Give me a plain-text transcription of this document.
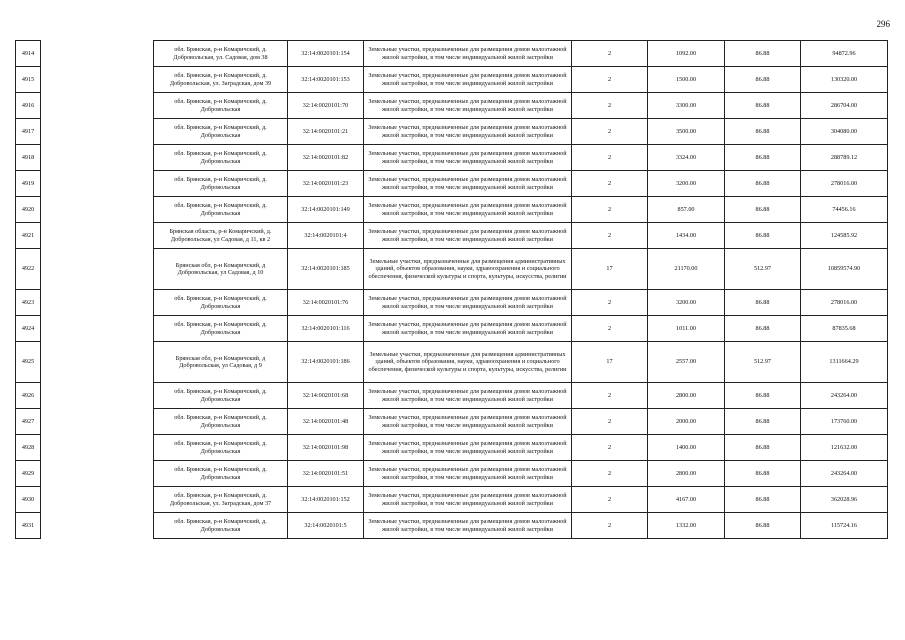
296
4914		обл. Брянская, р-н Комаричский, д. Добровольская, ул. Садовая, дом 38	32:14:0020101:154	Земельные участки, предназначенные для размещения домов малоэтажной жилой застройки, в том числе индивидуальной жилой застройки	2	1092.00	86.88	94872.96
4915		обл. Брянская, р-н Комаричский, д. Добровольская, ул. Заградская, дом 39	32:14:0020101:153	Земельные участки, предназначенные для размещения домов малоэтажной жилой застройки, в том числе индивидуальной жилой застройки	2	1500.00	86.88	130320.00
4916		обл. Брянская, р-н Комаричский, д. Добровольская	32:14:0020101:70	Земельные участки, предназначенные для размещения домов малоэтажной жилой застройки, в том числе индивидуальной жилой застройки	2	3300.00	86.88	286704.00
4917		обл. Брянская, р-н Комаричский, д. Добровольская	32:14:0020101:21	Земельные участки, предназначенные для размещения домов малоэтажной жилой застройки, в том числе индивидуальной жилой застройки	2	3500.00	86.88	304080.00
4918		обл. Брянская, р-н Комаричский, д. Добровольская	32:14:0020101:82	Земельные участки, предназначенные для размещения домов малоэтажной жилой застройки, в том числе индивидуальной жилой застройки	2	3324.00	86.88	288789.12
4919		обл. Брянская, р-н Комаричский, д. Добровольская	32:14:0020101:23	Земельные участки, предназначенные для размещения домов малоэтажной жилой застройки, в том числе индивидуальной жилой застройки	2	3200.00	86.88	278016.00
4920		обл. Брянская, р-н Комаричский, д. Добровольская	32:14:0020101:149	Земельные участки, предназначенные для размещения домов малоэтажной жилой застройки, в том числе индивидуальной жилой застройки	2	857.00	86.88	74456.16
4921		Брянская область, р-н Комаричский, д. Добровольская, ул Садовая, д 11, кв 2	32:14:0020101:4	Земельные участки, предназначенные для размещения домов малоэтажной жилой застройки, в том числе индивидуальной жилой застройки	2	1434.00	86.88	124585.92
4922		Брянская обл, р-н Комаричский, д Добровольская, ул Садовая, д 10	32:14:0020101:185	Земельные участки, предназначенные для размещения административных зданий, объектов образования, науки, здравоохранения и социального обеспечения, физической культуры и спорта, культуры, искусства, религии	17	21170.00	512.97	10859574.90
4923		обл. Брянская, р-н Комаричский, д. Добровольская	32:14:0020101:76	Земельные участки, предназначенные для размещения домов малоэтажной жилой застройки, в том числе индивидуальной жилой застройки	2	3200.00	86.88	278016.00
4924		обл. Брянская, р-н Комаричский, д. Добровольская	32:14:0020101:116	Земельные участки, предназначенные для размещения домов малоэтажной жилой застройки, в том числе индивидуальной жилой застройки	2	1011.00	86.88	87835.68
4925		Брянская обл, р-н Комаричский, д Добровольская, ул Садовая, д 9	32:14:0020101:186	Земельные участки, предназначенные для размещения административных зданий, объектов образования, науки, здравоохранения и социального обеспечения, физической культуры и спорта, культуры, искусства, религии	17	2557.00	512.97	1311664.29
4926		обл. Брянская, р-н Комаричский, д. Добровольская	32:14:0020101:68	Земельные участки, предназначенные для размещения домов малоэтажной жилой застройки, в том числе индивидуальной жилой застройки	2	2800.00	86.88	243264.00
4927		обл. Брянская, р-н Комаричский, д. Добровольская	32:14:0020101:48	Земельные участки, предназначенные для размещения домов малоэтажной жилой застройки, в том числе индивидуальной жилой застройки	2	2000.00	86.88	173760.00
4928		обл. Брянская, р-н Комаричский, д. Добровольская	32:14:0020101:98	Земельные участки, предназначенные для размещения домов малоэтажной жилой застройки, в том числе индивидуальной жилой застройки	2	1400.00	86.88	121632.00
4929		обл. Брянская, р-н Комаричский, д. Добровольская	32:14:0020101:51	Земельные участки, предназначенные для размещения домов малоэтажной жилой застройки, в том числе индивидуальной жилой застройки	2	2800.00	86.88	243264.00
4930		обл. Брянская, р-н Комаричский, д. Добровольская, ул. Заградская, дом 37	32:14:0020101:152	Земельные участки, предназначенные для размещения домов малоэтажной жилой застройки, в том числе индивидуальной жилой застройки	2	4167.00	86.88	362028.96
4931		обл. Брянская, р-н Комаричский, д. Добровольская	32:14:0020101:5	Земельные участки, предназначенные для размещения домов малоэтажной жилой застройки, в том числе индивидуальной жилой застройки	2	1332.00	86.88	115724.16
